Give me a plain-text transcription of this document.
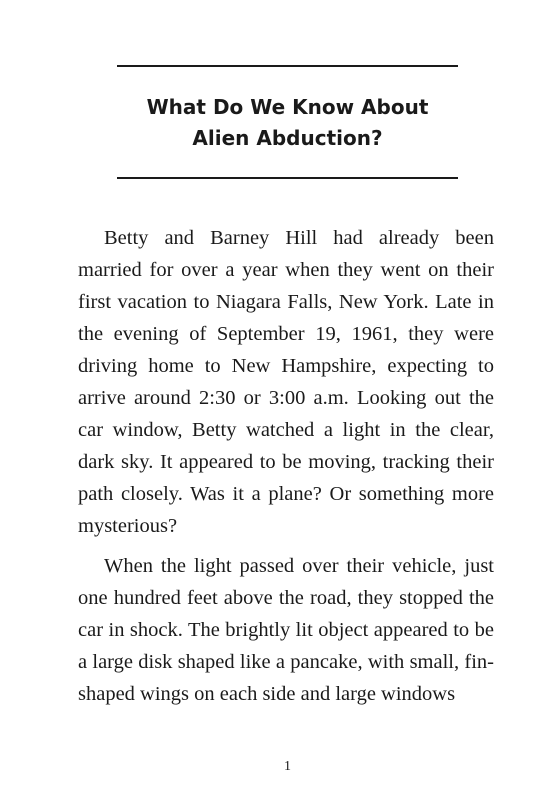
What Do We Know About
Alien Abduction?

Betty and Barney Hill had already been married for over a year when they went on their first vacation to Niagara Falls, New York. Late in the evening of September 19, 1961, they were driving home to New Hampshire, expecting to arrive around 2:30 or 3:00 a.m. Looking out the car window, Betty watched a light in the clear, dark sky. It appeared to be moving, tracking their path closely. Was it a plane? Or something more mysterious?

When the light passed over their vehicle, just one hundred feet above the road, they stopped the car in shock. The brightly lit object appeared to be a large disk shaped like a pancake, with small, fin-shaped wings on each side and large windows

1
